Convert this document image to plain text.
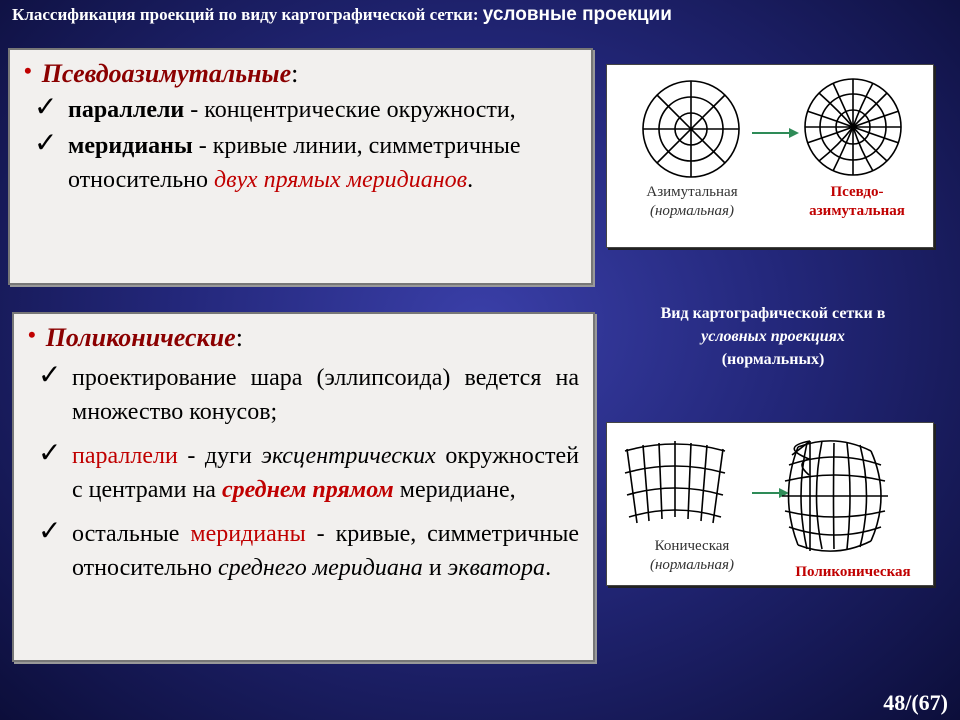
Классификация проекций по виду картографической сетки: условные проекции
• Псевдоазимутальные:
✓ параллели - концентрические окружности,
✓ меридианы - кривые линии, симметричные относительно двух прямых меридианов.
• Поликонические:
✓ проектирование шара (эллипсоида) ведется на множество конусов;
✓ параллели - дуги эксцентрических окружностей с центрами на среднем прямом меридиане,
✓ остальные меридианы - кривые, симметричные относительно среднего меридиана и экватора.
Азимутальная
(нормальная)
Псевдо-
азимутальная
Вид картографической сетки в
условных проекциях
(нормальных)
Коническая
(нормальная)	Поликоническая
48/(67)
